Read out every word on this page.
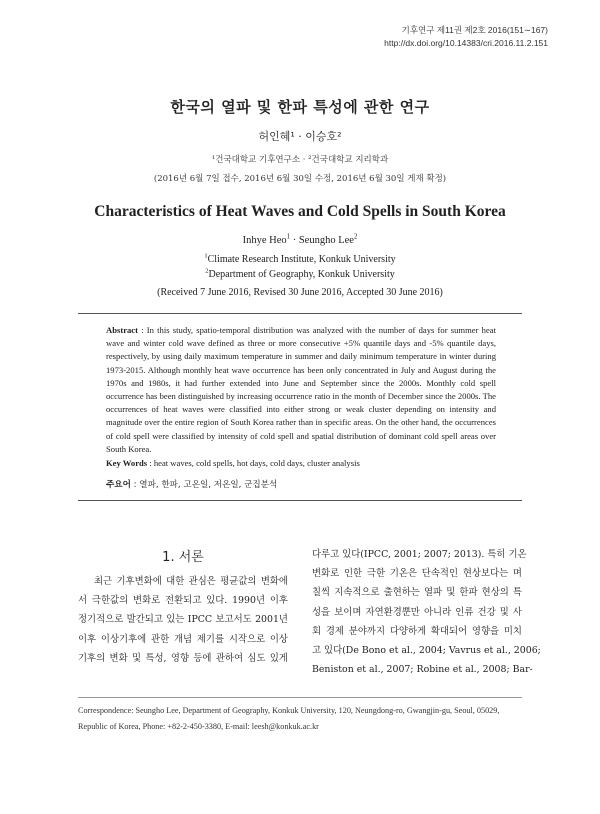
기후연구 제11권 제2호 2016(151∼167)
http://dx.doi.org/10.14383/cri.2016.11.2.151
한국의 열파 및 한파 특성에 관한 연구
허인혜¹ · 이승호²
¹건국대학교 기후연구소 · ²건국대학교 지리학과
(2016년 6월 7일 접수, 2016년 6월 30일 수정, 2016년 6월 30일 게재 확정)
Characteristics of Heat Waves and Cold Spells in South Korea
Inhye Heo$^1$ · Seungho Lee$^2$
$^1$Climate Research Institute, Konkuk University
$^2$Department of Geography, Konkuk University
(Received 7 June 2016, Revised 30 June 2016, Accepted 30 June 2016)
Abstract : In this study, spatio-temporal distribution was analyzed with the number of days for summer heat wave and winter cold wave defined as three or more consecutive +5% quantile days and -5% quantile days, respectively, by using daily maximum temperature in summer and daily minimum temperature in winter during 1973-2015. Although monthly heat wave occurrence has been only concentrated in July and August during the 1970s and 1980s, it had further extended into June and September since the 2000s. Monthly cold spell occurrence has been distinguished by increasing occurrence ratio in the month of December since the 2000s. The occurrences of heat waves were classified into either strong or weak cluster depending on intensity and magnitude over the entire region of South Korea rather than in specific areas. On the other hand, the occurrences of cold spell were classified by intensity of cold spell and spatial distribution of dominant cold spell areas over South Korea.
Key Words : heat waves, cold spells, hot days, cold days, cluster analysis
주요어 : 열파, 한파, 고온일, 저온일, 군집분석
1. 서론
최근 기후변화에 대한 관심은 평균값의 변화에
서 극한값의 변화로 전환되고 있다. 1990년 이후
정기적으로 발간되고 있는 IPCC 보고서도 2001년
이후 이상기후에 관한 개념 제기를 시작으로 이상
기후의 변화 및 특성, 영향 등에 관하여 심도 있게
다루고 있다(IPCC, 2001; 2007; 2013). 특히 기온
변화로 인한 극한 기온은 단속적인 현상보다는 며
칠씩 지속적으로 출현하는 열파 및 한파 현상의 특
성을 보이며 자연환경뿐만 아니라 인류 건강 및 사
회 경제 분야까지 다양하게 확대되어 영향을 미치
고 있다(De Bono et al., 2004; Vavrus et al., 2006;
Beniston et al., 2007; Robine et al., 2008; Bar-
Correspondence: Seungho Lee, Department of Geography, Konkuk University, 120, Neungdong-ro, Gwangjin-gu, Seoul, 05029, Republic of Korea, Phone: +82-2-450-3380, E-mail: leesh@konkuk.ac.kr
